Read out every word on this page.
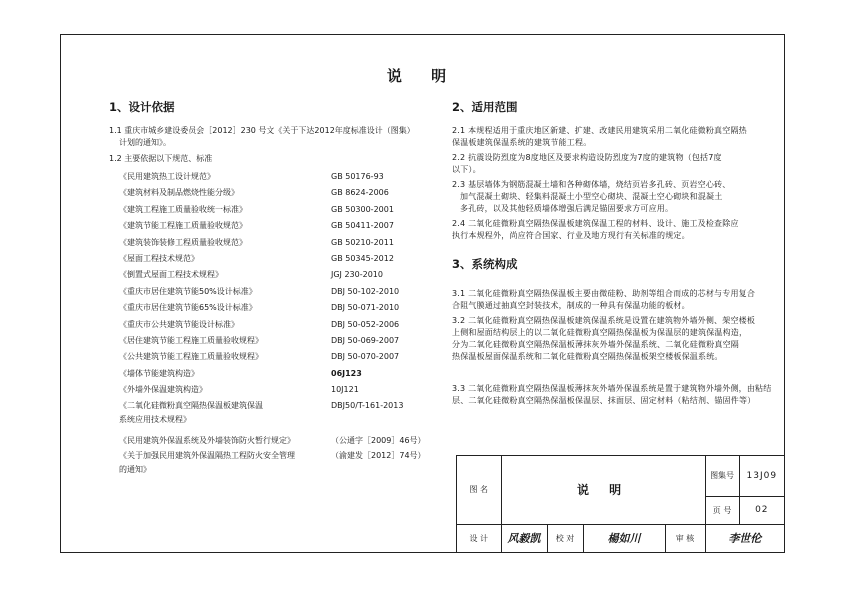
说 明
1、设计依据

1.1 重庆市城乡建设委员会［2012］230 号文《关于下达2012年度标准设计（图集）

计划的通知》。

1.2 主要依据以下规范、标准

《民用建筑热工设计规范》	GB 50176-93
《建筑材料及制品燃烧性能分级》	GB 8624-2006
《建筑工程施工质量验收统一标准》	GB 50300-2001
《建筑节能工程施工质量验收规范》	GB 50411-2007
《建筑装饰装修工程质量验收规范》	GB 50210-2011
《屋面工程技术规范》	GB 50345-2012
《倒置式屋面工程技术规程》	JGJ 230-2010
《重庆市居住建筑节能50%设计标准》	DBJ 50-102-2010
《重庆市居住建筑节能65%设计标准》	DBJ 50-071-2010
《重庆市公共建筑节能设计标准》	DBJ 50-052-2006
《居住建筑节能工程施工质量验收规程》	DBJ 50-069-2007
《公共建筑节能工程施工质量验收规程》	DBJ 50-070-2007
《墙体节能建筑构造》	06J123
《外墙外保温建筑构造》	10J121
《二氧化硅微粉真空隔热保温板建筑保温
系统应用技术规程》
DBJ50/T-161-2013
《民用建筑外保温系统及外墙装饰防火暂行规定》	（公通字［2009］46号）
《关于加强民用建筑外保温隔热工程防火安全管理
的通知》
（渝建发［2012］74号）
2、适用范围

2.1 本规程适用于重庆地区新建、扩建、改建民用建筑采用二氧化硅微粉真空隔热

保温板建筑保温系统的建筑节能工程。

2.2 抗震设防烈度为8度地区及要求构造设防烈度为7度的建筑物（包括7度

以下）。

2.3 基层墙体为钢筋混凝土墙和各种砌体墙，烧结页岩多孔砖、页岩空心砖、

加气混凝土砌块、轻集料混凝土小型空心砌块、混凝土空心砌块和混凝土

多孔砖，以及其他轻质墙体增强后满足锚固要求方可应用。

2.4 二氧化硅微粉真空隔热保温板建筑保温工程的材料、设计、施工及检查除应

执行本规程外，尚应符合国家、行业及地方现行有关标准的规定。

3、系统构成

3.1 二氧化硅微粉真空隔热保温板主要由微硅粉、助剂等组合而成的芯材与专用复合

合阻气膜通过抽真空封装技术，制成的一种具有保温功能的板材。

3.2 二氧化硅微粉真空隔热保温板建筑保温系统是设置在建筑物外墙外侧、架空楼板

上侧和屋面结构层上的以二氧化硅微粉真空隔热保温板为保温层的建筑保温构造，

分为二氧化硅微粉真空隔热保温板薄抹灰外墙外保温系统、二氧化硅微粉真空隔

热保温板屋面保温系统和二氧化硅微粉真空隔热保温板架空楼板保温系统。

3.3 二氧化硅微粉真空隔热保温板薄抹灰外墙外保温系统是置于建筑物外墙外侧，由粘结

层、二氧化硅微粉真空隔热保温板保温层、抹面层、固定材料（粘结剂、锚固件等）

图 名	说 明				图集号	13J09
					页 号	02
设 计	风毅凯	校 对	楊如川	审 核	李世伦	
